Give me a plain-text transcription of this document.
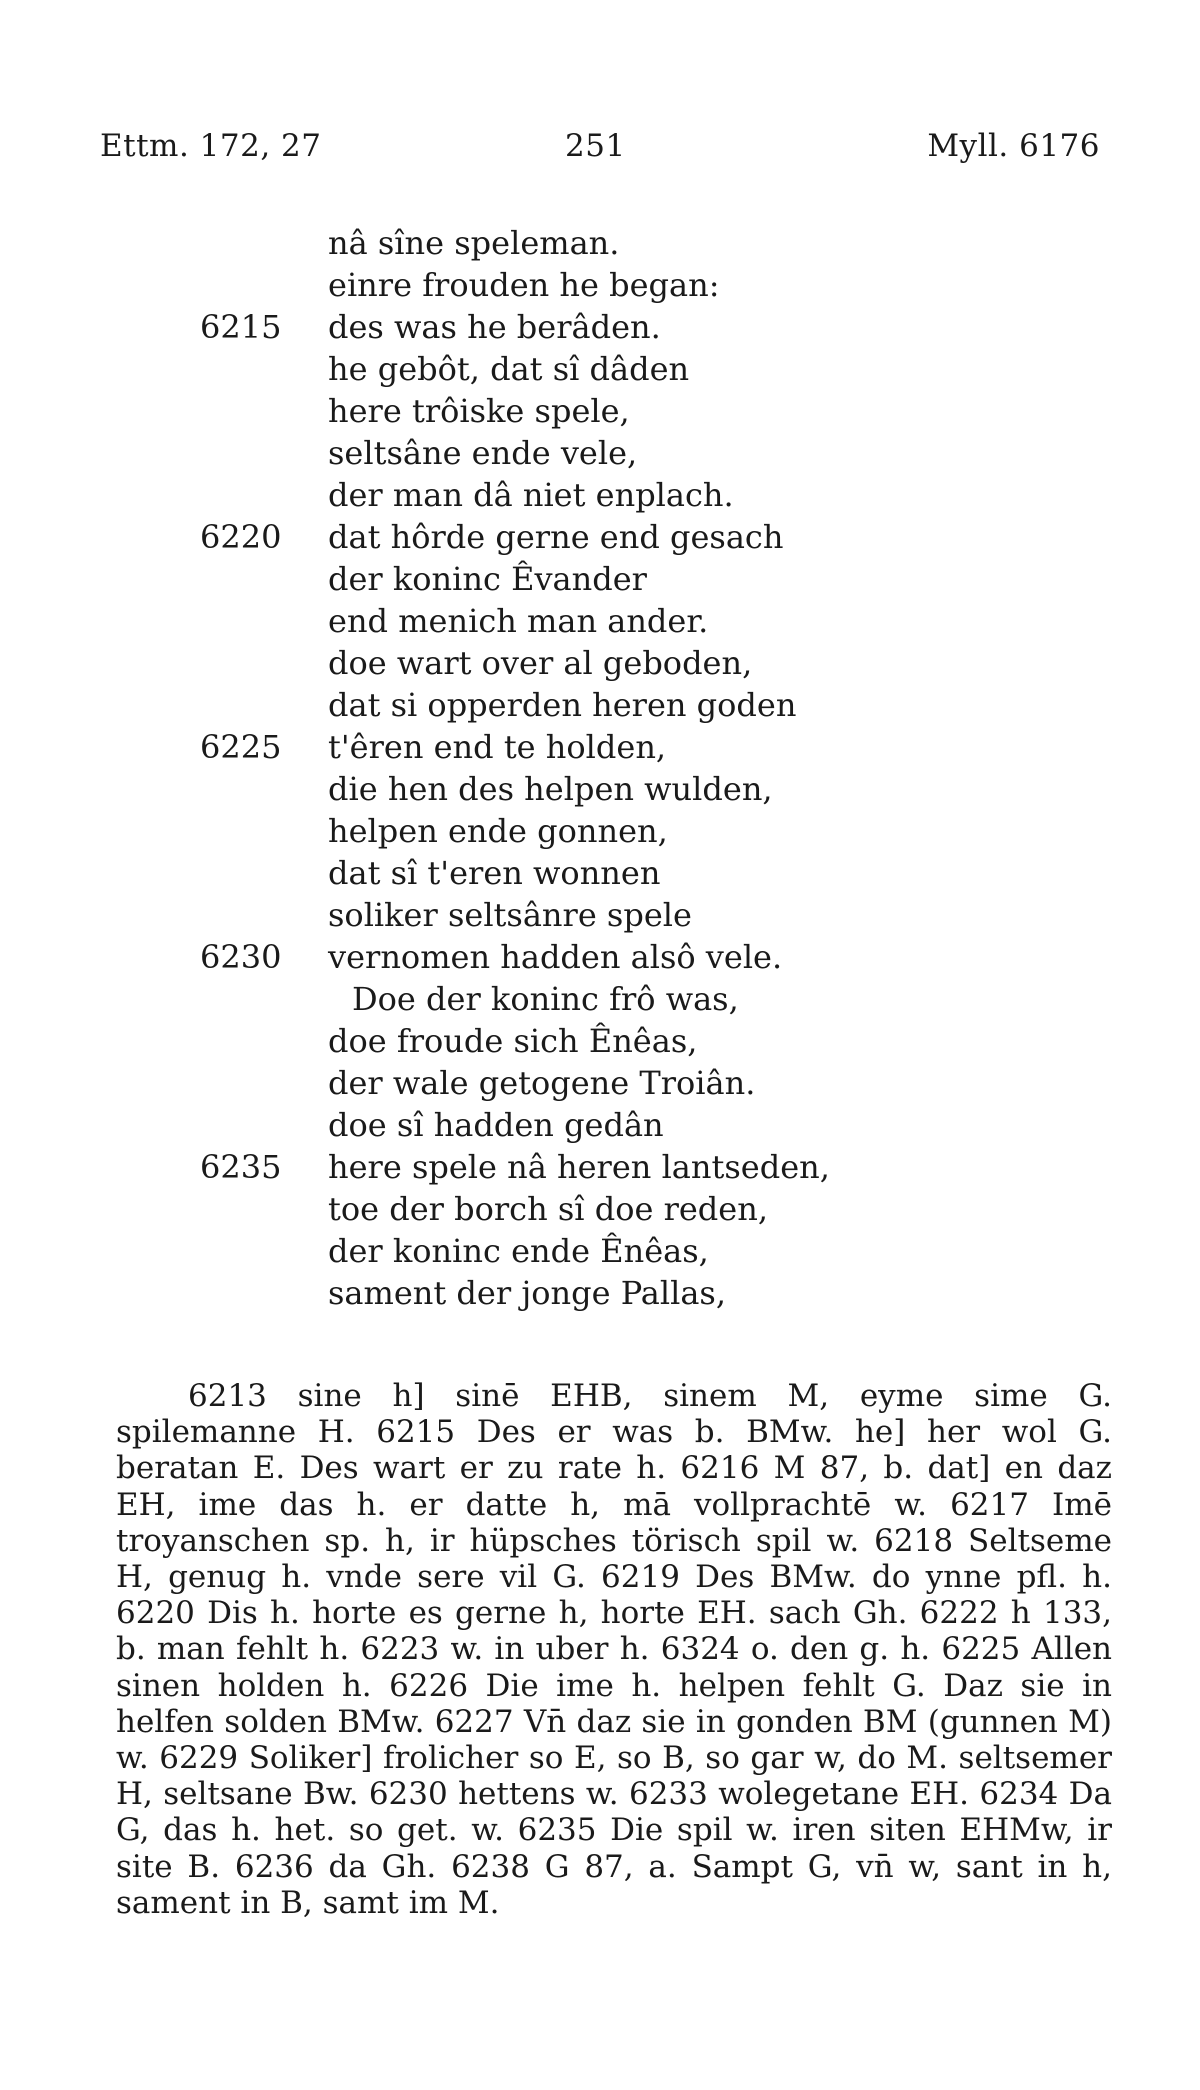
Ettm. 172, 27	251	Myll. 6176
nâ sîne speleman.
einre frouden he began:
6215	des was he berâden.
he gebôt, dat sî dâden
here trôiske spele,
seltsâne ende vele,
der man dâ niet enplach.
6220	dat hôrde gerne end gesach
der koninc Êvander
end menich man ander.
doe wart over al geboden,
dat si opperden heren goden
6225	t'êren end te holden,
die hen des helpen wulden,
helpen ende gonnen,
dat sî t'eren wonnen
soliker seltsânre spele
6230	vernomen hadden alsô vele.
Doe der koninc frô was,
doe froude sich Ênêas,
der wale getogene Troiân.
doe sî hadden gedân
6235	here spele nâ heren lantseden,
toe der borch sî doe reden,
der koninc ende Ênêas,
sament der jonge Pallas,

6213 sine h] sinē EHB, sinem M, eyme sime G. spilemanne H. 6215 Des er was b. BMw. he] her wol G. beratan E. Des wart er zu rate h. 6216 M 87, b. dat] en daz EH, ime das h. er datte h, mā vollprachtē w. 6217 Imē troyanschen sp. h, ir hüpsches törisch spil w. 6218 Seltseme H, genug h. vnde sere vil G. 6219 Des BMw. do ynne pfl. h. 6220 Dis h. horte es gerne h, horte EH. sach Gh. 6222 h 133, b. man fehlt h. 6223 w. in uber h. 6324 o. den g. h. 6225 Allen sinen holden h. 6226 Die ime h. helpen fehlt G. Daz sie in helfen solden BMw. 6227 Vn̄ daz sie in gonden BM (gunnen M) w. 6229 Soliker] frolicher so E, so B, so gar w, do M. seltsemer H, seltsane Bw. 6230 hettens w. 6233 wolegetane EH. 6234 Da G, das h. het. so get. w. 6235 Die spil w. iren siten EHMw, ir site B. 6236 da Gh. 6238 G 87, a. Sampt G, vn̄ w, sant in h, sament in B, samt im M.
